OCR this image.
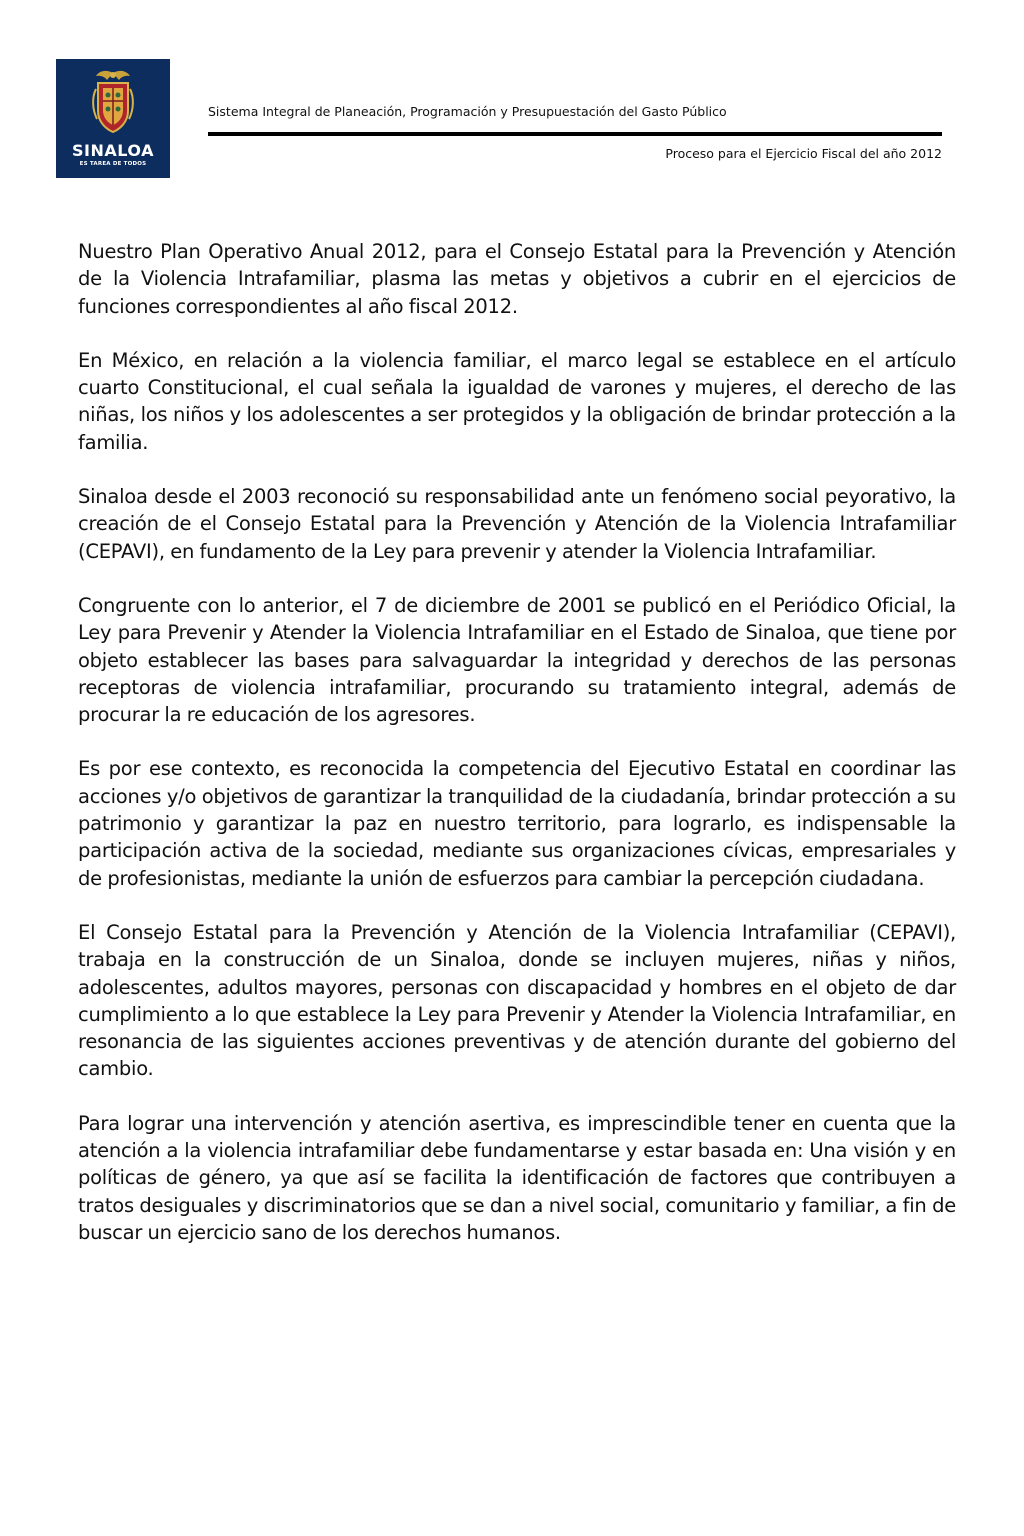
SINALOA
ES TAREA DE TODOS
Sistema Integral de Planeación, Programación y Presupuestación del Gasto Público
Proceso para el Ejercicio Fiscal del año 2012

Nuestro Plan Operativo Anual 2012, para el Consejo Estatal para la Prevención y Atención de la Violencia Intrafamiliar, plasma las metas y objetivos a cubrir en el ejercicios de funciones correspondientes al año fiscal 2012.

En México, en relación a la violencia familiar, el marco legal se establece en el artículo cuarto Constitucional, el cual señala la igualdad de varones y mujeres, el derecho de las niñas, los niños y los adolescentes a ser protegidos y la obligación de brindar protección a la familia.

Sinaloa desde el 2003 reconoció su responsabilidad ante un fenómeno social peyorativo, la creación de el Consejo Estatal para la Prevención y Atención de la Violencia Intrafamiliar (CEPAVI), en fundamento de la Ley para prevenir y atender la Violencia Intrafamiliar.

Congruente con lo anterior, el 7 de diciembre de 2001 se publicó en el Periódico Oficial, la Ley para Prevenir y Atender la Violencia Intrafamiliar en el Estado de Sinaloa, que tiene por objeto establecer las bases para salvaguardar la integridad y derechos de las personas receptoras de violencia intrafamiliar, procurando su tratamiento integral, además de procurar la re educación de los agresores.

Es por ese contexto, es reconocida la competencia del Ejecutivo Estatal en coordinar las acciones y/o objetivos de garantizar la tranquilidad de la ciudadanía, brindar protección a su patrimonio y garantizar la paz en nuestro territorio, para lograrlo, es indispensable la participación activa de la sociedad, mediante sus organizaciones cívicas, empresariales y de profesionistas, mediante la unión de esfuerzos para cambiar la percepción ciudadana.

El Consejo Estatal para la Prevención y Atención de la Violencia Intrafamiliar (CEPAVI), trabaja en la construcción de un Sinaloa, donde se incluyen mujeres, niñas y niños, adolescentes, adultos mayores, personas con discapacidad y hombres en el objeto de dar cumplimiento a lo que establece la Ley para Prevenir y Atender la Violencia Intrafamiliar, en resonancia de las siguientes acciones preventivas y de atención durante del gobierno del cambio.

Para lograr una intervención y atención asertiva, es imprescindible tener en cuenta que la atención a la violencia intrafamiliar debe fundamentarse y estar basada en: Una visión y en políticas de género, ya que así se facilita la identificación de factores que contribuyen a tratos desiguales y discriminatorios que se dan a nivel social, comunitario y familiar, a fin de buscar un ejercicio sano de los derechos humanos.
